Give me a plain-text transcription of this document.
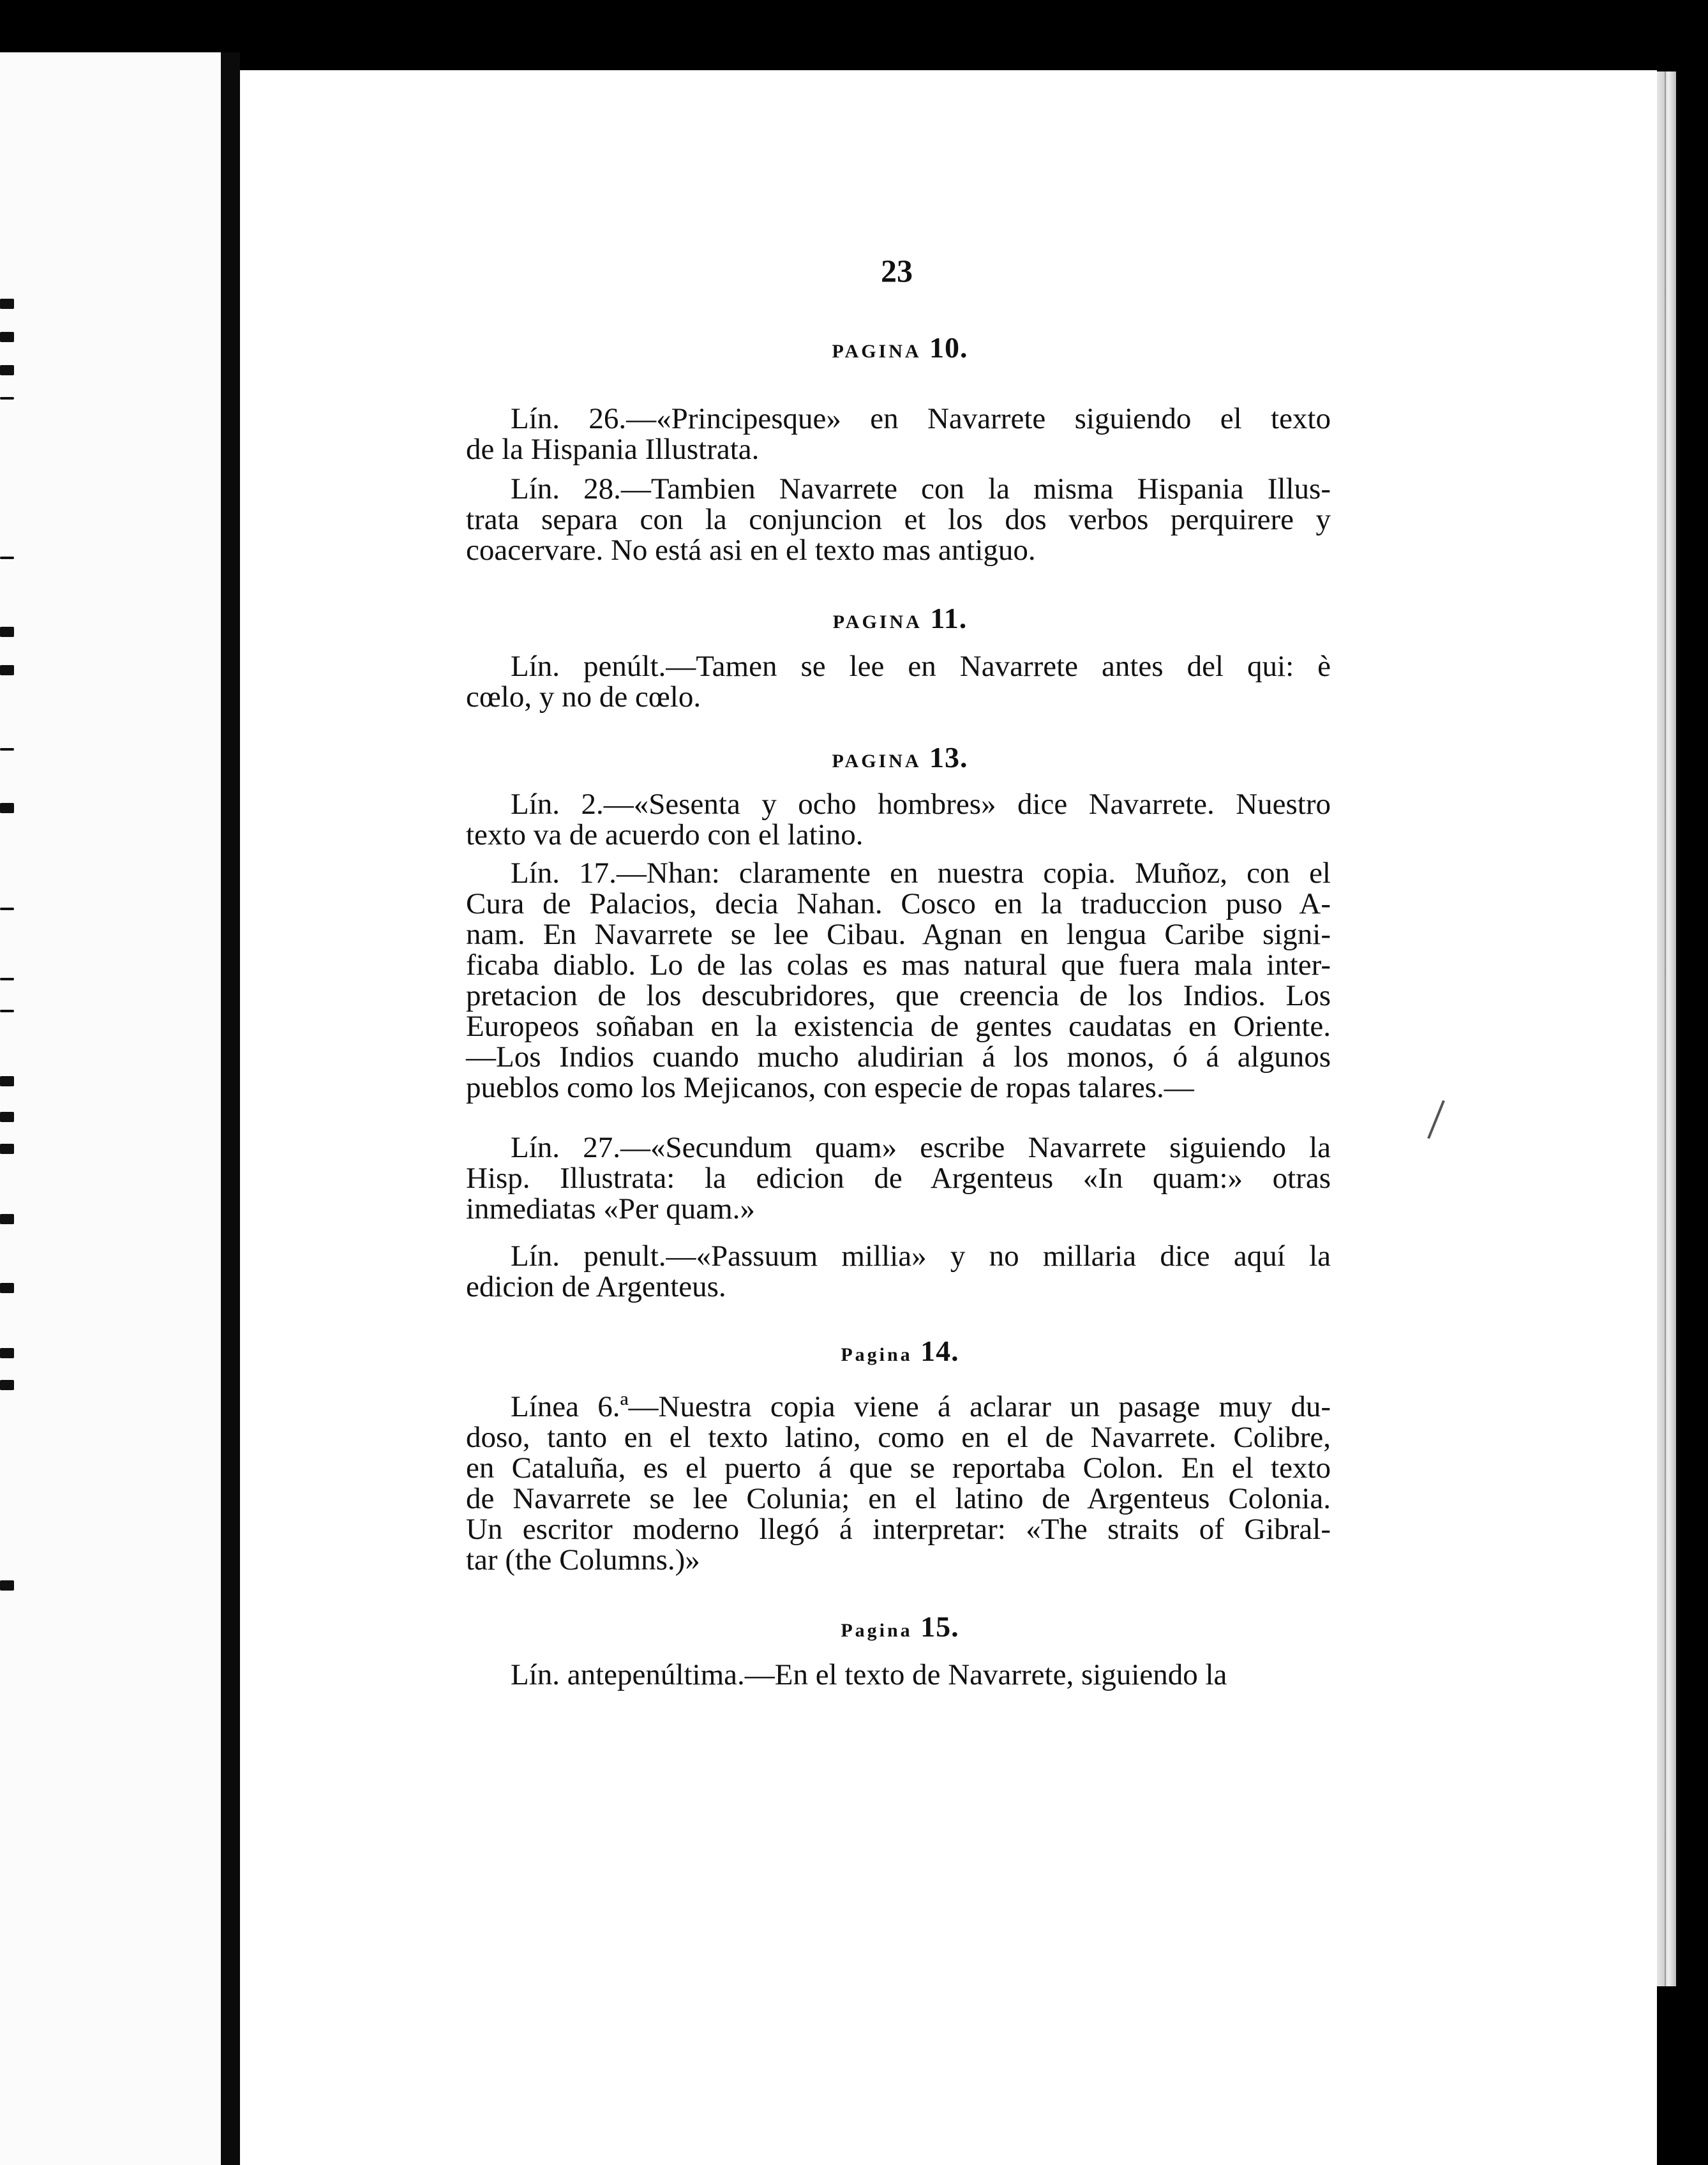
23
PAGINA 10.
Lín. 26.—«Principesque» en Navarrete siguiendo el texto
de la Hispania Illustrata.
Lín. 28.—Tambien Navarrete con la misma Hispania Illus-
trata separa con la conjuncion et los dos verbos perquirere y
coacervare. No está asi en el texto mas antiguo.
PAGINA 11.
Lín. penúlt.—Tamen se lee en Navarrete antes del qui: è
cœlo, y no de cœlo.
PAGINA 13.
Lín. 2.—«Sesenta y ocho hombres» dice Navarrete. Nuestro
texto va de acuerdo con el latino.
Lín. 17.—Nhan: claramente en nuestra copia. Muñoz, con el
Cura de Palacios, decia Nahan. Cosco en la traduccion puso A-
nam. En Navarrete se lee Cibau. Agnan en lengua Caribe signi-
ficaba diablo. Lo de las colas es mas natural que fuera mala inter-
pretacion de los descubridores, que creencia de los Indios. Los
Europeos soñaban en la existencia de gentes caudatas en Oriente.
—Los Indios cuando mucho aludirian á los monos, ó á algunos
pueblos como los Mejicanos, con especie de ropas talares.—
Lín. 27.—«Secundum quam» escribe Navarrete siguiendo la
Hisp. Illustrata: la edicion de Argenteus «In quam:» otras
inmediatas «Per quam.»
Lín. penult.—«Passuum millia» y no millaria dice aquí la
edicion de Argenteus.
Pagina 14.
Línea 6.ª—Nuestra copia viene á aclarar un pasage muy du-
doso, tanto en el texto latino, como en el de Navarrete. Colibre,
en Cataluña, es el puerto á que se reportaba Colon. En el texto
de Navarrete se lee Colunia; en el latino de Argenteus Colonia.
Un escritor moderno llegó á interpretar: «The straits of Gibral-
tar (the Columns.)»
Pagina 15.
Lín. antepenúltima.—En el texto de Navarrete, siguiendo la
